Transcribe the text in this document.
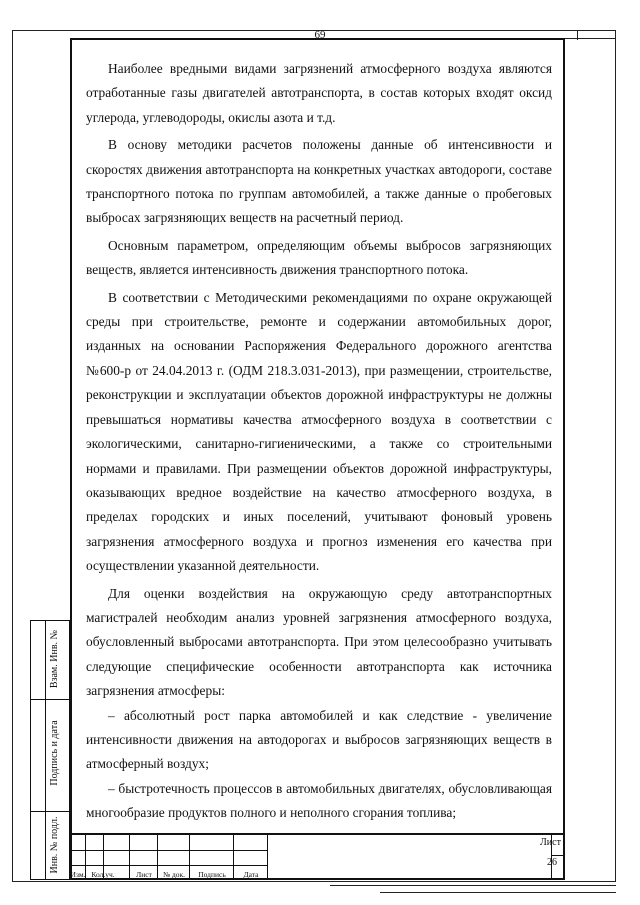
69

Наиболее вредными видами загрязнений атмосферного воздуха являются отработанные газы двигателей автотранспорта, в состав которых входят оксид углерода, углеводороды, окислы азота и т.д.

В основу методики расчетов положены данные об интенсивности и скоростях движения автотранспорта на конкретных участках автодороги, составе транспортного потока по группам автомобилей, а также данные о пробеговых выбросах загрязняющих веществ на расчетный период.

Основным параметром, определяющим объемы выбросов загрязняющих веществ, является интенсивность движения транспортного потока.

В соответствии с Методическими рекомендациями по охране окружающей среды при строительстве, ремонте и содержании автомобильных дорог, изданных на основании Распоряжения Федерального дорожного агентства №600-р от 24.04.2013 г. (ОДМ 218.3.031-2013), при размещении, строительстве, реконструкции и эксплуатации объектов дорожной инфраструктуры не должны превышаться нормативы качества атмосферного воздуха в соответствии с экологическими, санитарно-гигиеническими, а также со строительными нормами и правилами. При размещении объектов дорожной инфраструктуры, оказывающих вредное воздействие на качество атмосферного воздуха, в пределах городских и иных поселений, учитывают фоновый уровень загрязнения атмосферного воздуха и прогноз изменения его качества при осуществлении указанной деятельности.

Для оценки воздействия на окружающую среду автотранспортных магистралей необходим анализ уровней загрязнения атмосферного воздуха, обусловленный выбросами автотранспорта. При этом целесообразно учитывать следующие специфические особенности автотранспорта как источника загрязнения атмосферы:

– абсолютный рост парка автомобилей и как следствие - увеличение интенсивности движения на автодорогах и выбросов загрязняющих веществ в атмосферный воздух;

– быстротечность процессов в автомобильных двигателях, обусловливающая многообразие продуктов полного и неполного сгорания топлива;

Взам. Инв. №
Подпись и дата
Инв. № подл.
Изм. Кол.уч.	Лист	№ док.	Подпись	Дата
Лист
26
